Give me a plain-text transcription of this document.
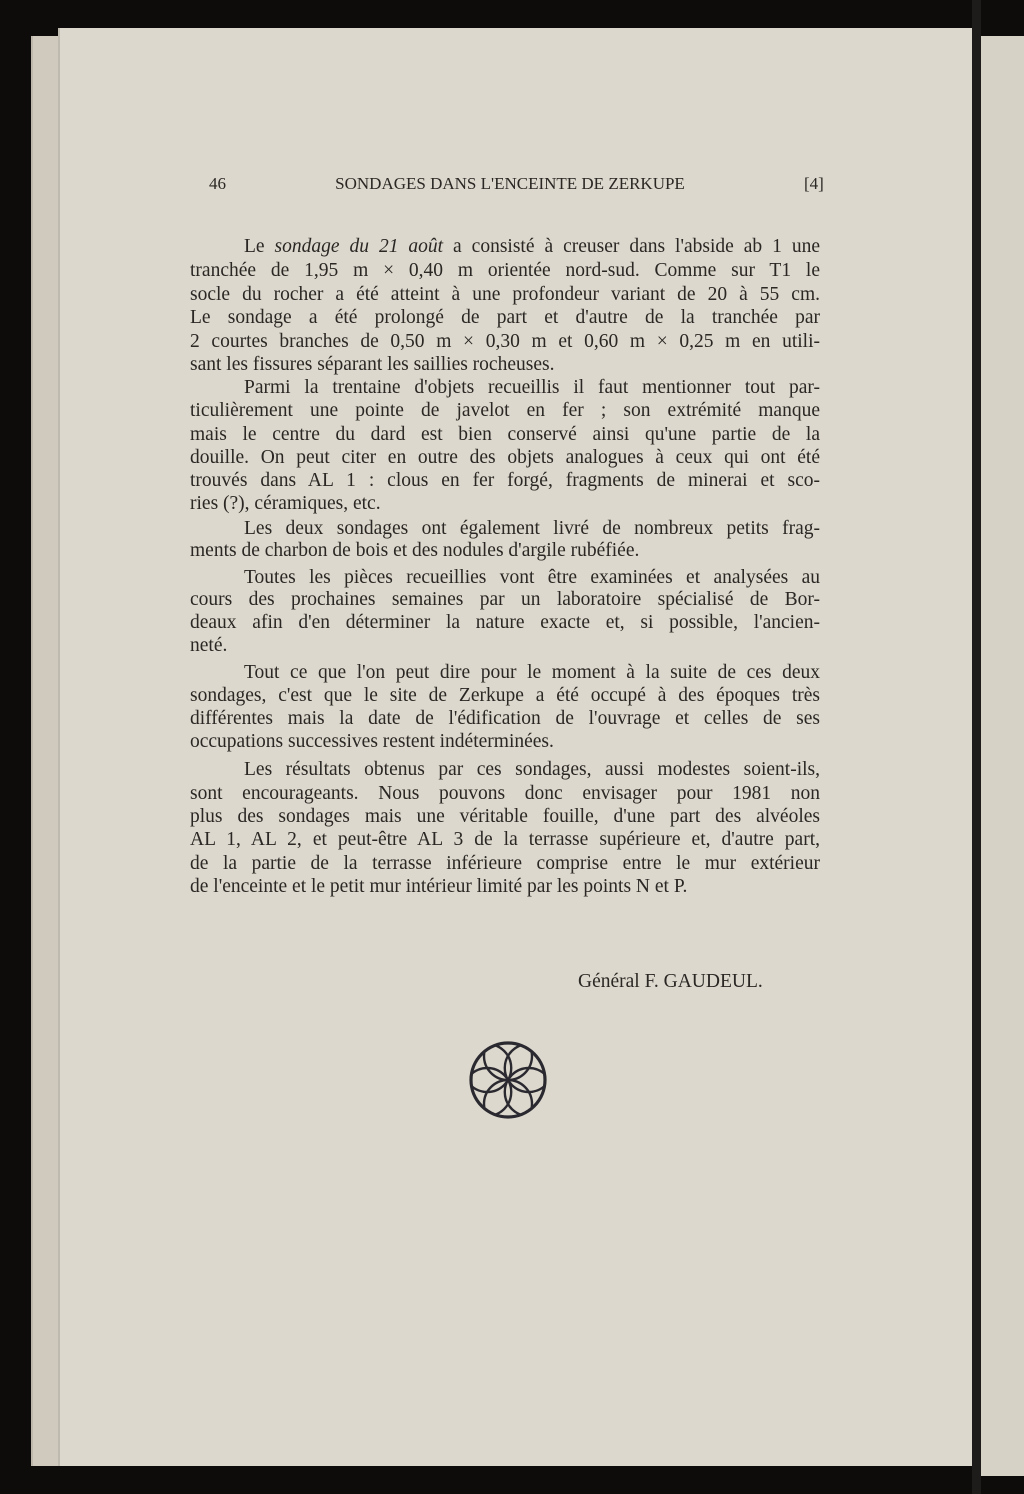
46	SONDAGES DANS L'ENCEINTE DE ZERKUPE	[4]
Le sondage du 21 août a consisté à creuser dans l'abside ab 1 une
tranchée de 1,95 m × 0,40 m orientée nord-sud. Comme sur T1 le
socle du rocher a été atteint à une profondeur variant de 20 à 55 cm.
Le sondage a été prolongé de part et d'autre de la tranchée par
2 courtes branches de 0,50 m × 0,30 m et 0,60 m × 0,25 m en utili-
sant les fissures séparant les saillies rocheuses.
Parmi la trentaine d'objets recueillis il faut mentionner tout par-
ticulièrement une pointe de javelot en fer ; son extrémité manque
mais le centre du dard est bien conservé ainsi qu'une partie de la
douille. On peut citer en outre des objets analogues à ceux qui ont été
trouvés dans AL 1 : clous en fer forgé, fragments de minerai et sco-
ries (?), céramiques, etc.
Les deux sondages ont également livré de nombreux petits frag-
ments de charbon de bois et des nodules d'argile rubéfiée.
Toutes les pièces recueillies vont être examinées et analysées au
cours des prochaines semaines par un laboratoire spécialisé de Bor-
deaux afin d'en déterminer la nature exacte et, si possible, l'ancien-
neté.
Tout ce que l'on peut dire pour le moment à la suite de ces deux
sondages, c'est que le site de Zerkupe a été occupé à des époques très
différentes mais la date de l'édification de l'ouvrage et celles de ses
occupations successives restent indéterminées.
Les résultats obtenus par ces sondages, aussi modestes soient-ils,
sont encourageants. Nous pouvons donc envisager pour 1981 non
plus des sondages mais une véritable fouille, d'une part des alvéoles
AL 1, AL 2, et peut-être AL 3 de la terrasse supérieure et, d'autre part,
de la partie de la terrasse inférieure comprise entre le mur extérieur
de l'enceinte et le petit mur intérieur limité par les points N et P.
Général F. GAUDEUL.
